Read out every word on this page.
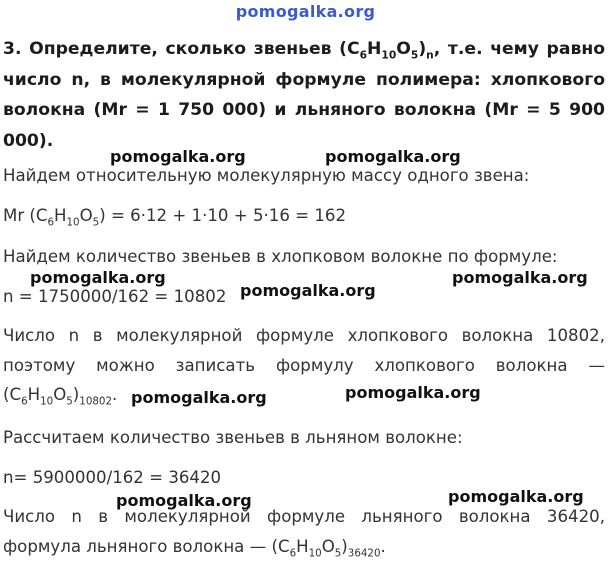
pomogalka.org
3. Определите, сколько звеньев $(C_6H_{10}O_5)_n$, т.е. чему равно число n, в молекулярной формуле полимера: хлопкового волокна (Mr = 1 750 000) и льняного волокна (Mr = 5 900 000).
Найдем относительную молекулярную массу одного звена:
Mr $(C_6H_{10}O_5) = 6\cdot 12 + 1\cdot 10 + 5\cdot 16 = 162$
Найдем количество звеньев в хлопковом волокне по формуле:
n = 1750000/162 = 10802
Число n в молекулярной формуле хлопкового волокна 10802, поэтому можно записать формулу хлопкового волокна — $(C_6H_{10}O_5)_{10802}$.
Рассчитаем количество звеньев в льняном волокне:
n= 5900000/162 = 36420
Число n в молекулярной формуле льняного волокна 36420, формула льняного волокна — $(C_6H_{10}O_5)_{36420}$.
pomogalka.org	pomogalka.org
pomogalka.org	pomogalka.org
pomogalka.org
pomogalka.org
pomogalka.org
pomogalka.org	pomogalka.org
